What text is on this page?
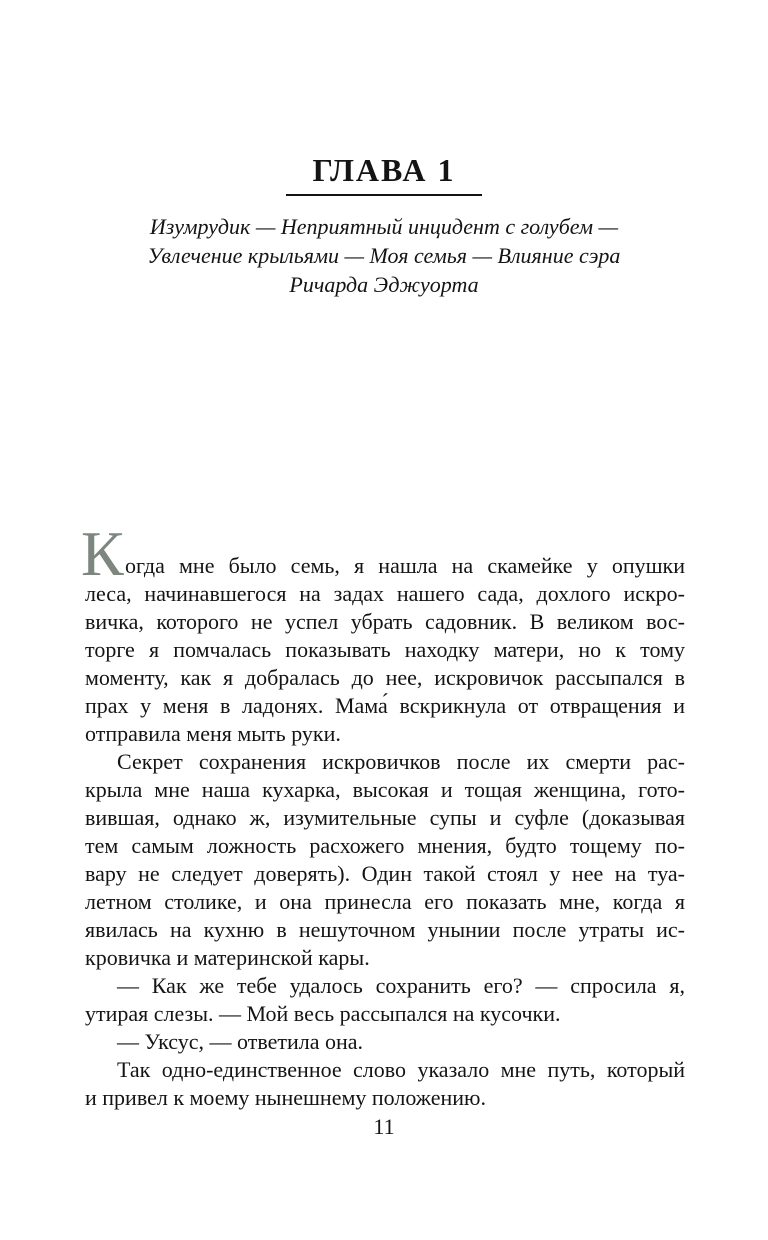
ГЛАВА 1
Изумрудик — Неприятный инцидент с голубем —
Увлечение крыльями — Моя семья — Влияние сэра
Ричарда Эджуорта
К огда мне было семь, я нашла на скамейке у опушки
леса, начинавшегося на задах нашего сада, дохлого искро-
вичка, которого не успел убрать садовник. В великом вос-
торге я помчалась показывать находку матери, но к тому
моменту, как я добралась до нее, искровичок рассыпался в
прах у меня в ладонях. Мама́ вскрикнула от отвращения и
отправила меня мыть руки.
Секрет сохранения искровичков после их смерти рас-
крыла мне наша кухарка, высокая и тощая женщина, гото-
вившая, однако ж, изумительные супы и суфле (доказывая
тем самым ложность расхожего мнения, будто тощему по-
вару не следует доверять). Один такой стоял у нее на туа-
летном столике, и она принесла его показать мне, когда я
явилась на кухню в нешуточном унынии после утраты ис-
кровичка и материнской кары.
— Как же тебе удалось сохранить его? — спросила я,
утирая слезы. — Мой весь рассыпался на кусочки.
— Уксус, — ответила она.
Так одно-единственное слово указало мне путь, который
и привел к моему нынешнему положению.
11
